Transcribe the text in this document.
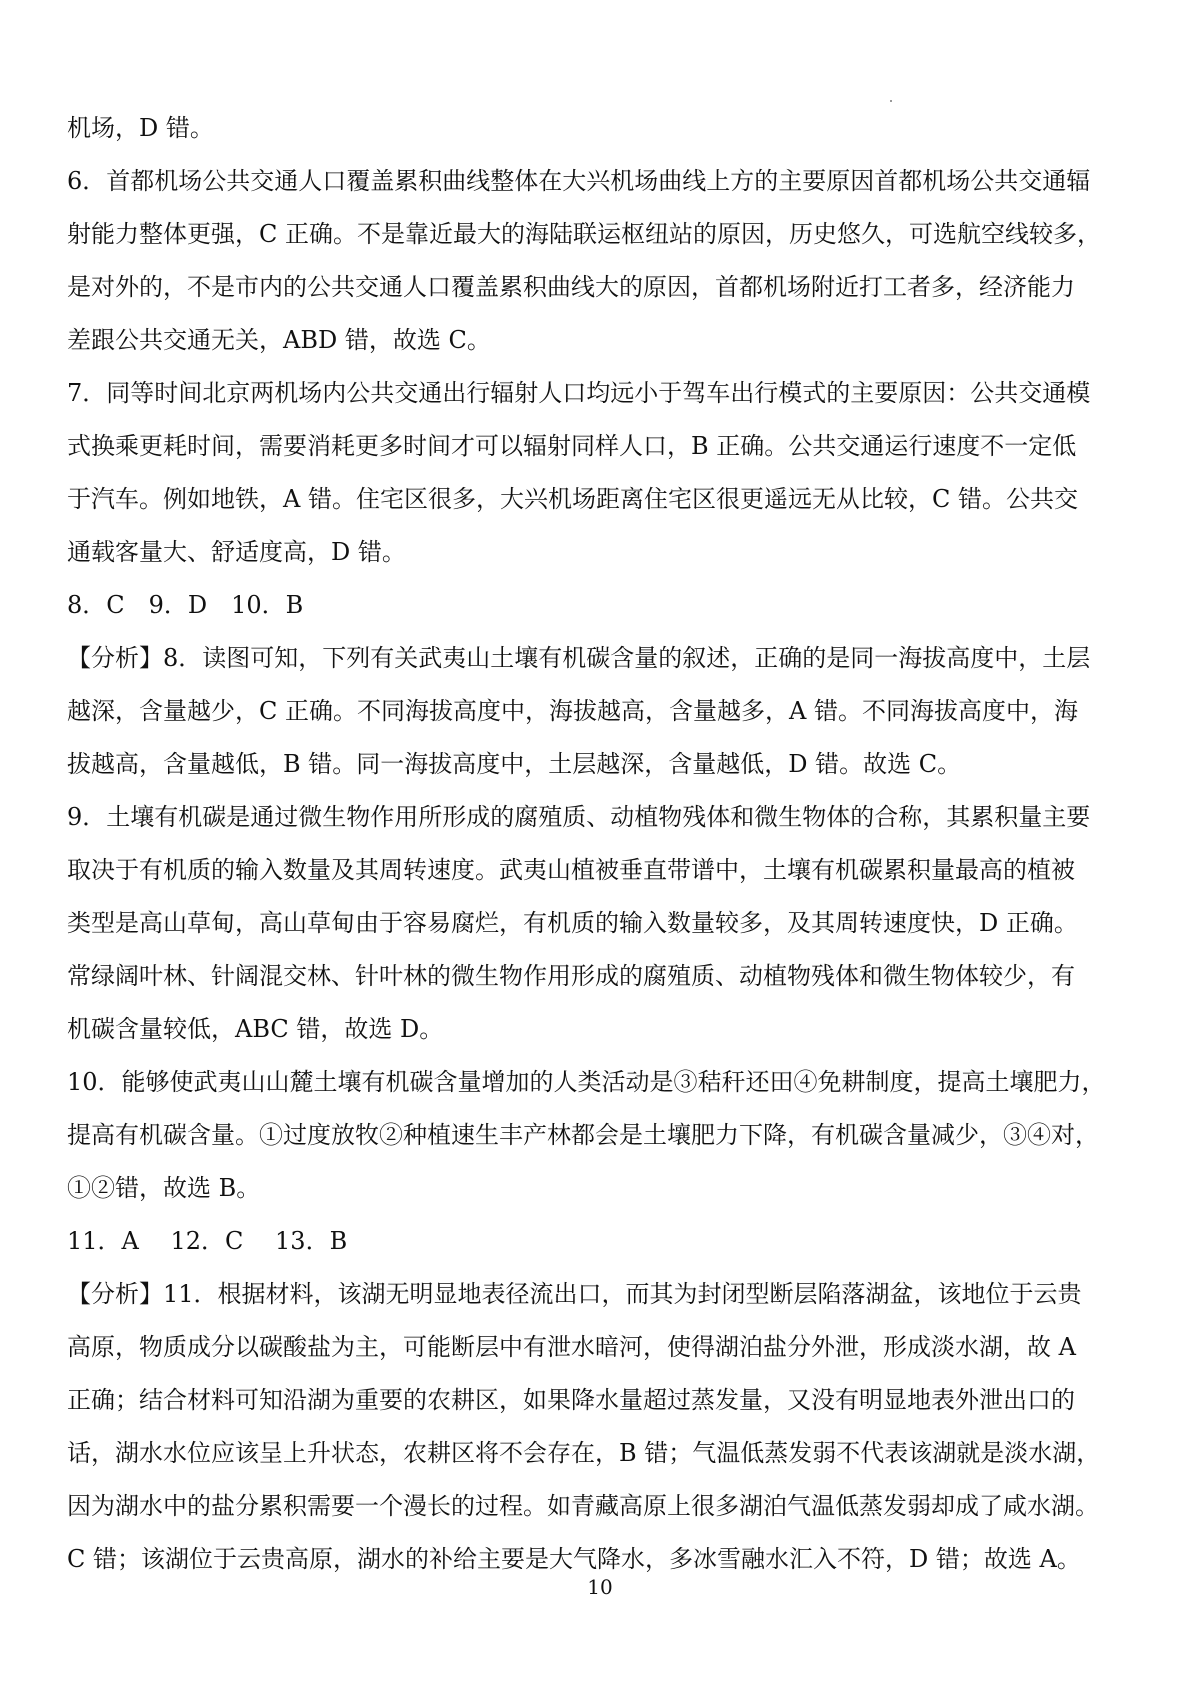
机场，D 错。
6．首都机场公共交通人口覆盖累积曲线整体在大兴机场曲线上方的主要原因首都机场公共交通辐
射能力整体更强，C 正确。不是靠近最大的海陆联运枢纽站的原因，历史悠久，可选航空线较多，
是对外的，不是市内的公共交通人口覆盖累积曲线大的原因，首都机场附近打工者多，经济能力
差跟公共交通无关，ABD 错，故选 C。
7．同等时间北京两机场内公共交通出行辐射人口均远小于驾车出行模式的主要原因：公共交通模
式换乘更耗时间，需要消耗更多时间才可以辐射同样人口，B 正确。公共交通运行速度不一定低
于汽车。例如地铁，A 错。住宅区很多，大兴机场距离住宅区很更遥远无从比较，C 错。公共交
通载客量大、舒适度高，D 错。
8．C　9．D　10．B
【分析】8．读图可知，下列有关武夷山土壤有机碳含量的叙述，正确的是同一海拔高度中，土层
越深，含量越少，C 正确。不同海拔高度中，海拔越高，含量越多，A 错。不同海拔高度中，海
拔越高，含量越低，B 错。同一海拔高度中，土层越深，含量越低，D 错。故选 C。
9．土壤有机碳是通过微生物作用所形成的腐殖质、动植物残体和微生物体的合称，其累积量主要
取决于有机质的输入数量及其周转速度。武夷山植被垂直带谱中，土壤有机碳累积量最高的植被
类型是高山草甸，高山草甸由于容易腐烂，有机质的输入数量较多，及其周转速度快，D 正确。
常绿阔叶林、针阔混交林、针叶林的微生物作用形成的腐殖质、动植物残体和微生物体较少，有
机碳含量较低，ABC 错，故选 D。
10．能够使武夷山山麓土壤有机碳含量增加的人类活动是③秸秆还田④免耕制度，提高土壤肥力，
提高有机碳含量。①过度放牧②种植速生丰产林都会是土壤肥力下降，有机碳含量减少，③④对，
①②错，故选 B。
11．A　 12．C　 13．B
【分析】11．根据材料，该湖无明显地表径流出口，而其为封闭型断层陷落湖盆，该地位于云贵
高原，物质成分以碳酸盐为主，可能断层中有泄水暗河，使得湖泊盐分外泄，形成淡水湖，故 A
正确；结合材料可知沿湖为重要的农耕区，如果降水量超过蒸发量，又没有明显地表外泄出口的
话，湖水水位应该呈上升状态，农耕区将不会存在，B 错；气温低蒸发弱不代表该湖就是淡水湖，
因为湖水中的盐分累积需要一个漫长的过程。如青藏高原上很多湖泊气温低蒸发弱却成了咸水湖。
C 错；该湖位于云贵高原，湖水的补给主要是大气降水，多冰雪融水汇入不符，D 错；故选 A。
10
